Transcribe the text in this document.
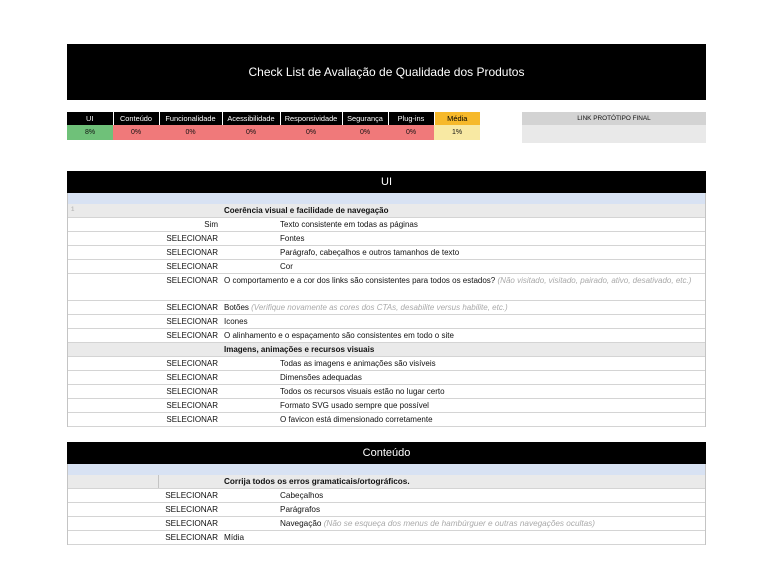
Check List de Avaliação de Qualidade dos Produtos
UI	Conteúdo	Funcionalidade	Acessibilidade	Responsividade	Segurança	Plug-ins	Média
8%	0%	0%	0%	0%	0%	0%	1%
LINK PROTÓTIPO FINAL
UI
1	Coerência visual e facilidade de navegação
Sim	Texto consistente em todas as páginas
SELECIONAR	Fontes
SELECIONAR	Parágrafo, cabeçalhos e outros tamanhos de texto
SELECIONAR	Cor
SELECIONAR O comportamento e a cor dos links são consistentes para todos os estados? (Não visitado, visitado, pairado, ativo, desativado, etc.)
SELECIONAR Botões (Verifique novamente as cores dos CTAs, desabilite versus habilite, etc.)
SELECIONAR Icones
SELECIONAR O alinhamento e o espaçamento são consistentes em todo o site
Imagens, animações e recursos visuais
SELECIONAR	Todas as imagens e animações são visíveis
SELECIONAR	Dimensões adequadas
SELECIONAR	Todos os recursos visuais estão no lugar certo
SELECIONAR	Formato SVG usado sempre que possível
SELECIONAR	O favicon está dimensionado corretamente
Conteúdo
Corrija todos os erros gramaticais/ortográficos.
SELECIONAR	Cabeçalhos
SELECIONAR	Parágrafos
SELECIONAR	Navegação (Não se esqueça dos menus de hambúrguer e outras navegações ocultas)
SELECIONAR Mídia
